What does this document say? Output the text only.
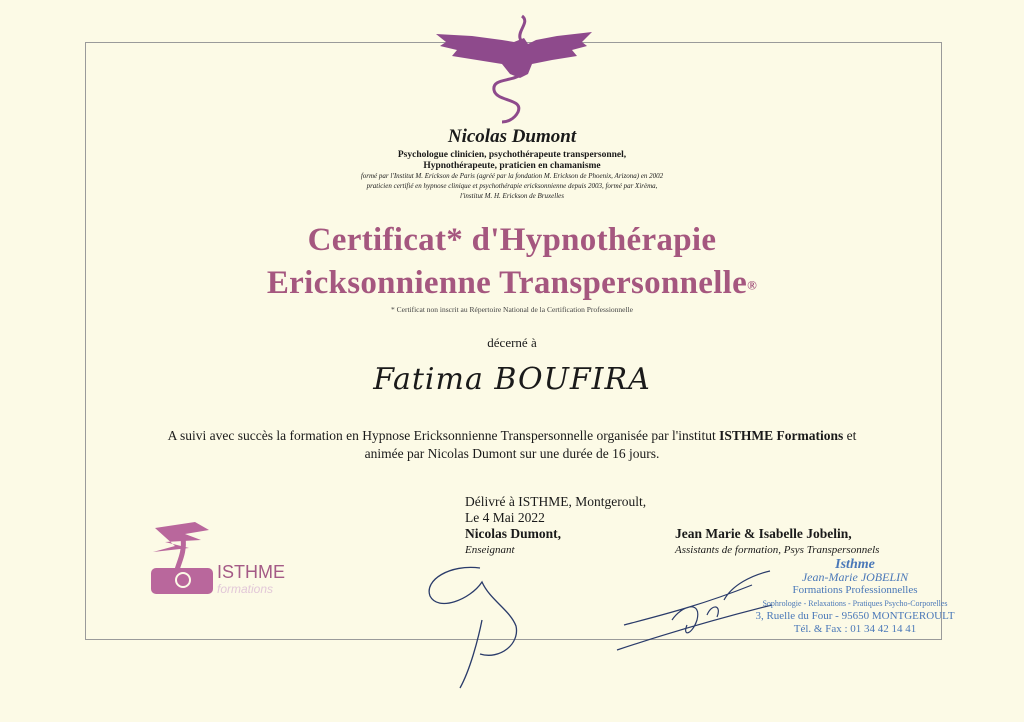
Nicolas Dumont
Psychologue clinicien, psychothérapeute transpersonnel,
Hypnothérapeute, praticien en chamanisme
formé par l'Institut M. Erickson de Paris (agréé par la fondation M. Erickson de Phoenix, Arizona) en 2002
praticien certifié en hypnose clinique et psychothérapie ericksonnienne depuis 2003, formé par Xirèma,
l'institut M. H. Erickson de Bruxelles
Certificat* d'Hypnothérapie
Ericksonnienne Transpersonnelle®
* Certificat non inscrit au Répertoire National de la Certification Professionnelle
décerné à
Fatima BOUFIRA
A suivi avec succès la formation en Hypnose Ericksonnienne Transpersonnelle organisée par l'institut ISTHME Formations et
animée par Nicolas Dumont sur une durée de 16 jours.
Délivré à ISTHME, Montgeroult,
Le 4 Mai 2022
Nicolas Dumont,
Enseignant
Jean Marie & Isabelle Jobelin,
Assistants de formation, Psys Transpersonnels
Isthme
Jean-Marie JOBELIN
Formations Professionnelles
Sophrologie - Relaxations - Pratiques Psycho-Corporelles
3, Ruelle du Four - 95650 MONTGEROULT
Tél. & Fax : 01 34 42 14 41
ISTHME
formations
